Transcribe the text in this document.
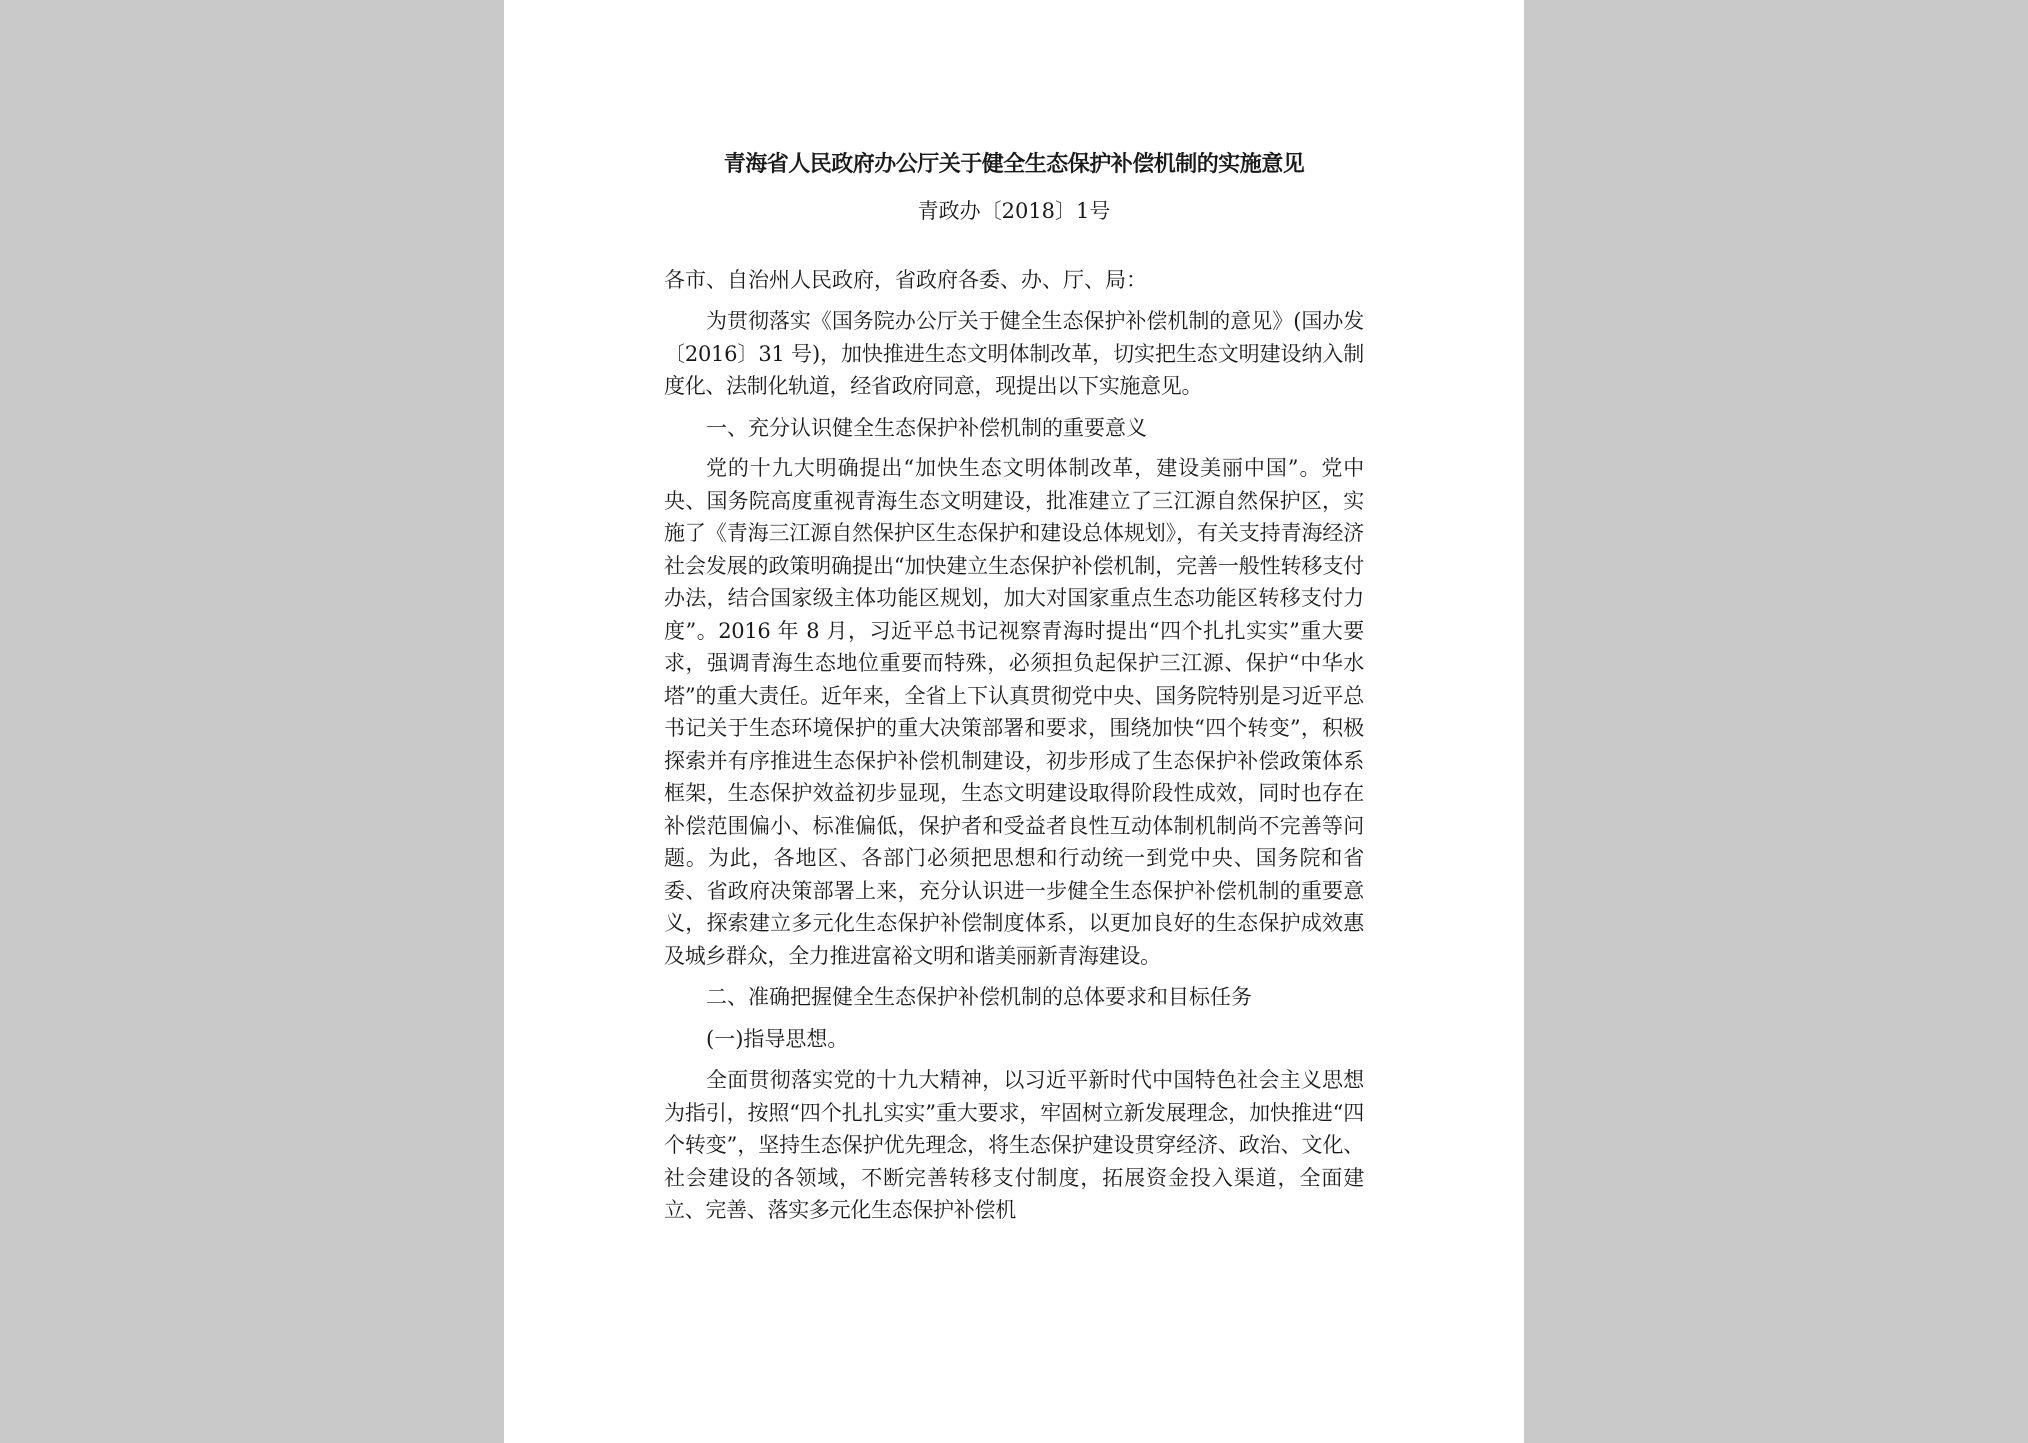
青海省人民政府办公厅关于健全生态保护补偿机制的实施意见
青政办〔2018〕1号
各市、自治州人民政府，省政府各委、办、厅、局：

为贯彻落实《国务院办公厅关于健全生态保护补偿机制的意见》(国办发〔2016〕31 号)，加快推进生态文明体制改革，切实把生态文明建设纳入制度化、法制化轨道，经省政府同意，现提出以下实施意见。

一、充分认识健全生态保护补偿机制的重要意义

党的十九大明确提出“加快生态文明体制改革，建设美丽中国”。党中央、国务院高度重视青海生态文明建设，批准建立了三江源自然保护区，实施了《青海三江源自然保护区生态保护和建设总体规划》，有关支持青海经济社会发展的政策明确提出“加快建立生态保护补偿机制，完善一般性转移支付办法，结合国家级主体功能区规划，加大对国家重点生态功能区转移支付力度”。2016 年 8 月，习近平总书记视察青海时提出“四个扎扎实实”重大要求，强调青海生态地位重要而特殊，必须担负起保护三江源、保护“中华水塔”的重大责任。近年来，全省上下认真贯彻党中央、国务院特别是习近平总书记关于生态环境保护的重大决策部署和要求，围绕加快“四个转变”，积极探索并有序推进生态保护补偿机制建设，初步形成了生态保护补偿政策体系框架，生态保护效益初步显现，生态文明建设取得阶段性成效，同时也存在补偿范围偏小、标准偏低，保护者和受益者良性互动体制机制尚不完善等问题。为此，各地区、各部门必须把思想和行动统一到党中央、国务院和省委、省政府决策部署上来，充分认识进一步健全生态保护补偿机制的重要意义，探索建立多元化生态保护补偿制度体系，以更加良好的生态保护成效惠及城乡群众，全力推进富裕文明和谐美丽新青海建设。

二、准确把握健全生态保护补偿机制的总体要求和目标任务
(一)指导思想。

全面贯彻落实党的十九大精神，以习近平新时代中国特色社会主义思想为指引，按照“四个扎扎实实”重大要求，牢固树立新发展理念，加快推进“四个转变”，坚持生态保护优先理念，将生态保护建设贯穿经济、政治、文化、社会建设的各领域，不断完善转移支付制度，拓展资金投入渠道，全面建立、完善、落实多元化生态保护补偿机
